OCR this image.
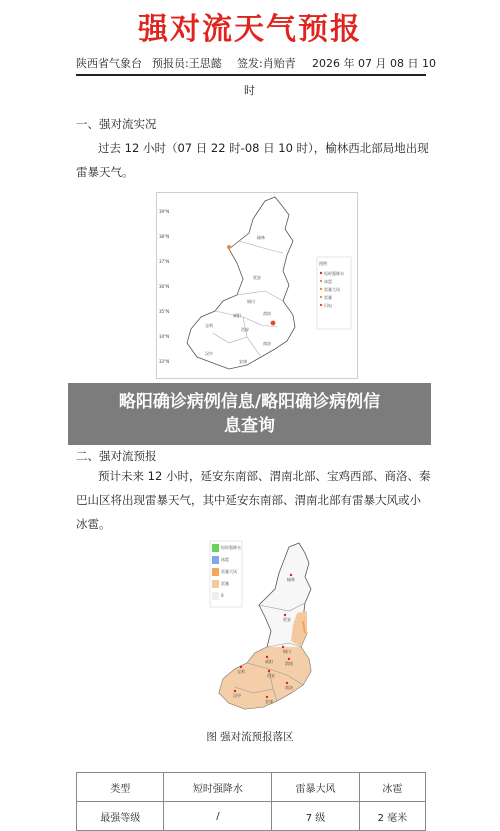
强对流天气预报
陕西省气象台 预报员:王思懿 签发:肖贻青 2026 年 07 月 08 日 10
时
一、强对流实况
过去 12 小时（07 日 22 时-08 日 10 时），榆林西北部局地出现雷暴天气。
39°N
38°N
37°N
36°N
35°N
34°N
33°N
榆林
延安
宝鸡
咸阳	渭南
西安
商洛
汉中
安康
铜川
图例
短时强降水
冰雹
雷暴大风
雷暴
闪电
二、强对流预报
预计未来 12 小时，延安东南部、渭南北部、宝鸡西部、商洛、秦巴山区将出现雷暴天气，其中延安东南部、渭南北部有雷暴大风或小冰雹。
短时强降水
冰雹
雷暴大风
雷暴
0
榆林
延安
铜川
咸阳	渭南
宝鸡
西安
商洛
汉中
安康
图 强对流预报落区
类型	短时强降水	雷暴大风	冰雹
最强等级	/	7 级	2 毫米
略阳确诊病例信息/略阳确诊病例信
息查询
